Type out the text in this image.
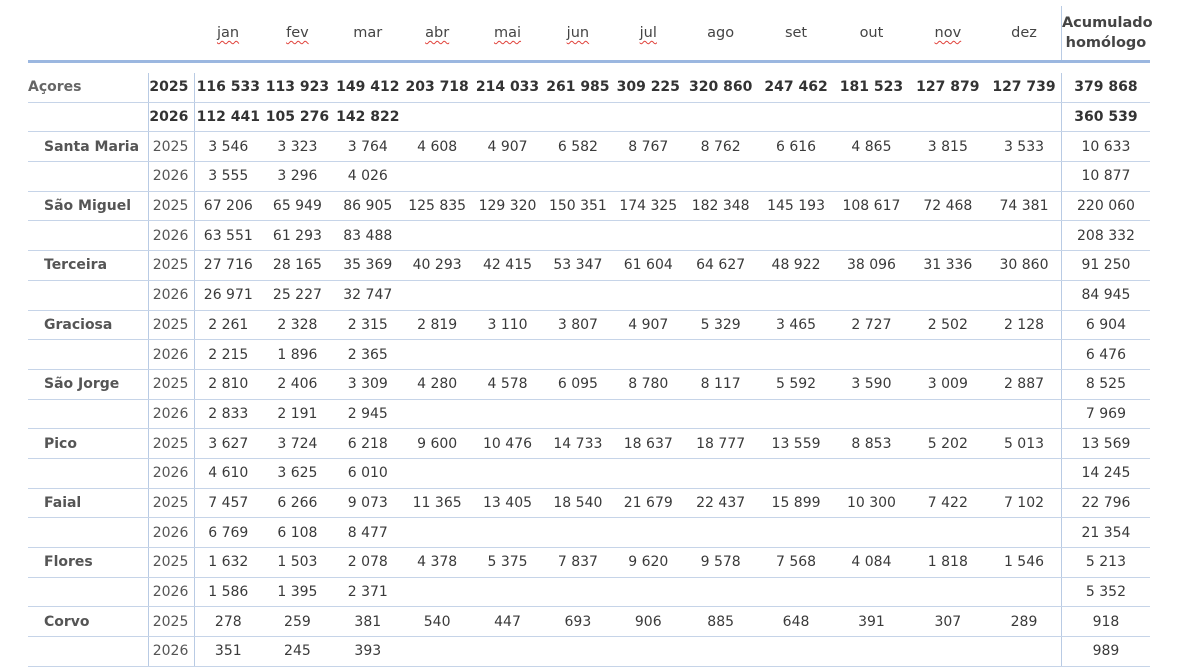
		jan	fev	mar	abr	mai	jun	jul	ago	set	out	nov	dez	Acumulado homólogo

Açores	2025	116 533	113 923	149 412	203 718	214 033	261 985	309 225	320 860	247 462	181 523	127 879	127 739	379 868
	2026	112 441	105 276	142 822										360 539
Santa Maria	2025	3 546	3 323	3 764	4 608	4 907	6 582	8 767	8 762	6 616	4 865	3 815	3 533	10 633
	2026	3 555	3 296	4 026										10 877
São Miguel	2025	67 206	65 949	86 905	125 835	129 320	150 351	174 325	182 348	145 193	108 617	72 468	74 381	220 060
	2026	63 551	61 293	83 488										208 332
Terceira	2025	27 716	28 165	35 369	40 293	42 415	53 347	61 604	64 627	48 922	38 096	31 336	30 860	91 250
	2026	26 971	25 227	32 747										84 945
Graciosa	2025	2 261	2 328	2 315	2 819	3 110	3 807	4 907	5 329	3 465	2 727	2 502	2 128	6 904
	2026	2 215	1 896	2 365										6 476
São Jorge	2025	2 810	2 406	3 309	4 280	4 578	6 095	8 780	8 117	5 592	3 590	3 009	2 887	8 525
	2026	2 833	2 191	2 945										7 969
Pico	2025	3 627	3 724	6 218	9 600	10 476	14 733	18 637	18 777	13 559	8 853	5 202	5 013	13 569
	2026	4 610	3 625	6 010										14 245
Faial	2025	7 457	6 266	9 073	11 365	13 405	18 540	21 679	22 437	15 899	10 300	7 422	7 102	22 796
	2026	6 769	6 108	8 477										21 354
Flores	2025	1 632	1 503	2 078	4 378	5 375	7 837	9 620	9 578	7 568	4 084	1 818	1 546	5 213
	2026	1 586	1 395	2 371										5 352
Corvo	2025	278	259	381	540	447	693	906	885	648	391	307	289	918
	2026	351	245	393										989
